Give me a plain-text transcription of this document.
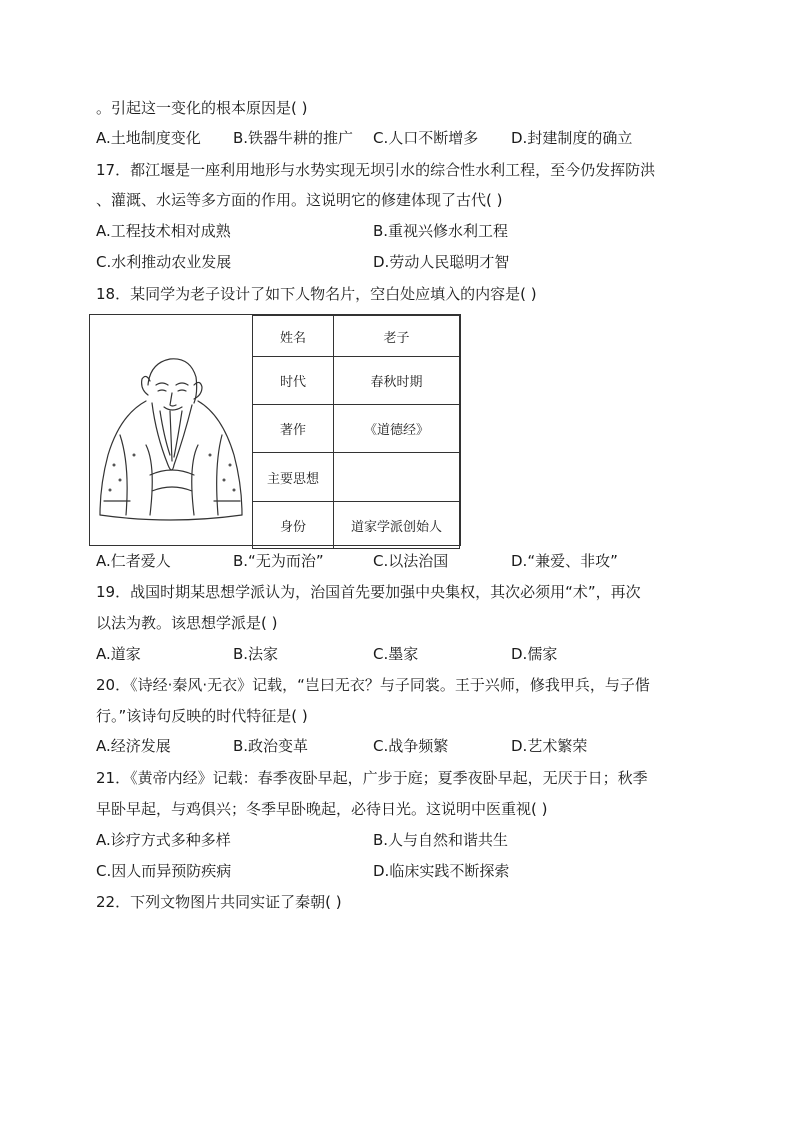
。引起这一变化的根本原因是( )
A.土地制度变化 B.铁器牛耕的推广 C.人口不断增多 D.封建制度的确立
17．都江堰是一座利用地形与水势实现无坝引水的综合性水利工程，至今仍发挥防洪
、灌溉、水运等多方面的作用。这说明它的修建体现了古代( )
A.工程技术相对成熟	B.重视兴修水利工程
C.水利推动农业发展	D.劳动人民聪明才智
18．某同学为老子设计了如下人物名片，空白处应填入的内容是( )
姓名	老子
时代	春秋时期
著作	《道德经》
主要思想	
身份	道家学派创始人
A.仁者爱人	B.“无为而治”	C.以法治国	D.“兼爱、非攻”
19．战国时期某思想学派认为，治国首先要加强中央集权，其次必须用“术”，再次
以法为教。该思想学派是( )
A.道家	B.法家	C.墨家	D.儒家
20．《诗经·秦风·无衣》记载，“岂曰无衣？与子同裳。王于兴师，修我甲兵，与子偕
行。”该诗句反映的时代特征是( )
A.经济发展	B.政治变革	C.战争频繁	D.艺术繁荣
21．《黄帝内经》记载：春季夜卧早起，广步于庭；夏季夜卧早起，无厌于日；秋季
早卧早起，与鸡俱兴；冬季早卧晚起，必待日光。这说明中医重视( )
A.诊疗方式多种多样	B.人与自然和谐共生
C.因人而异预防疾病	D.临床实践不断探索
22．下列文物图片共同实证了秦朝( )
